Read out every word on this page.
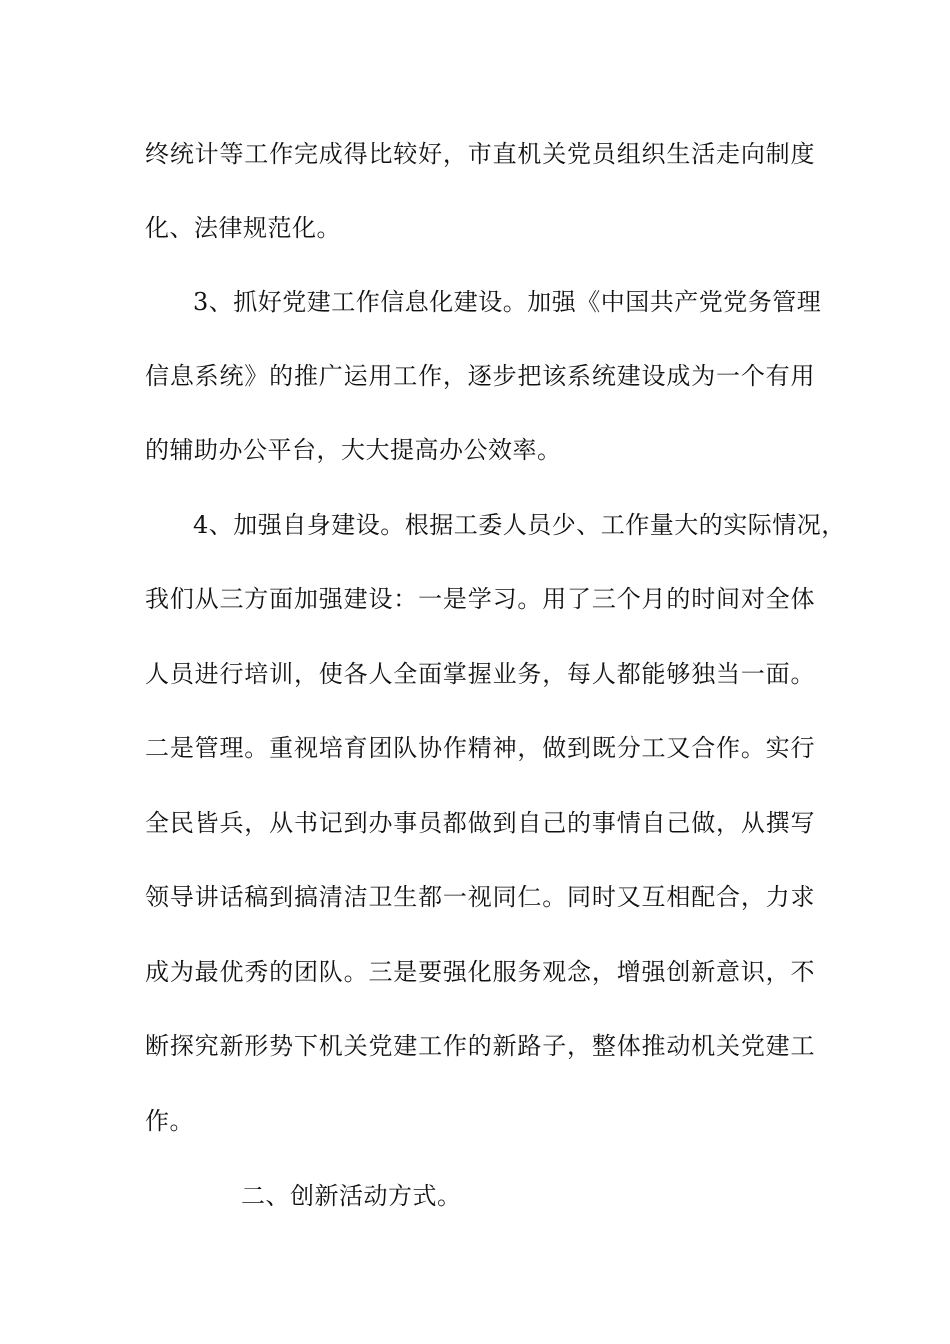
终统计等工作完成得比较好，市直机关党员组织生活走向制度
化、法律规范化。
3、抓好党建工作信息化建设。加强《中国共产党党务管理
信息系统》的推广运用工作，逐步把该系统建设成为一个有用
的辅助办公平台，大大提高办公效率。
4、加强自身建设。根据工委人员少、工作量大的实际情况，
我们从三方面加强建设：一是学习。用了三个月的时间对全体
人员进行培训，使各人全面掌握业务，每人都能够独当一面。
二是管理。重视培育团队协作精神，做到既分工又合作。实行
全民皆兵，从书记到办事员都做到自己的事情自己做，从撰写
领导讲话稿到搞清洁卫生都一视同仁。同时又互相配合，力求
成为最优秀的团队。三是要强化服务观念，增强创新意识，不
断探究新形势下机关党建工作的新路子，整体推动机关党建工
作。
二、创新活动方式。
